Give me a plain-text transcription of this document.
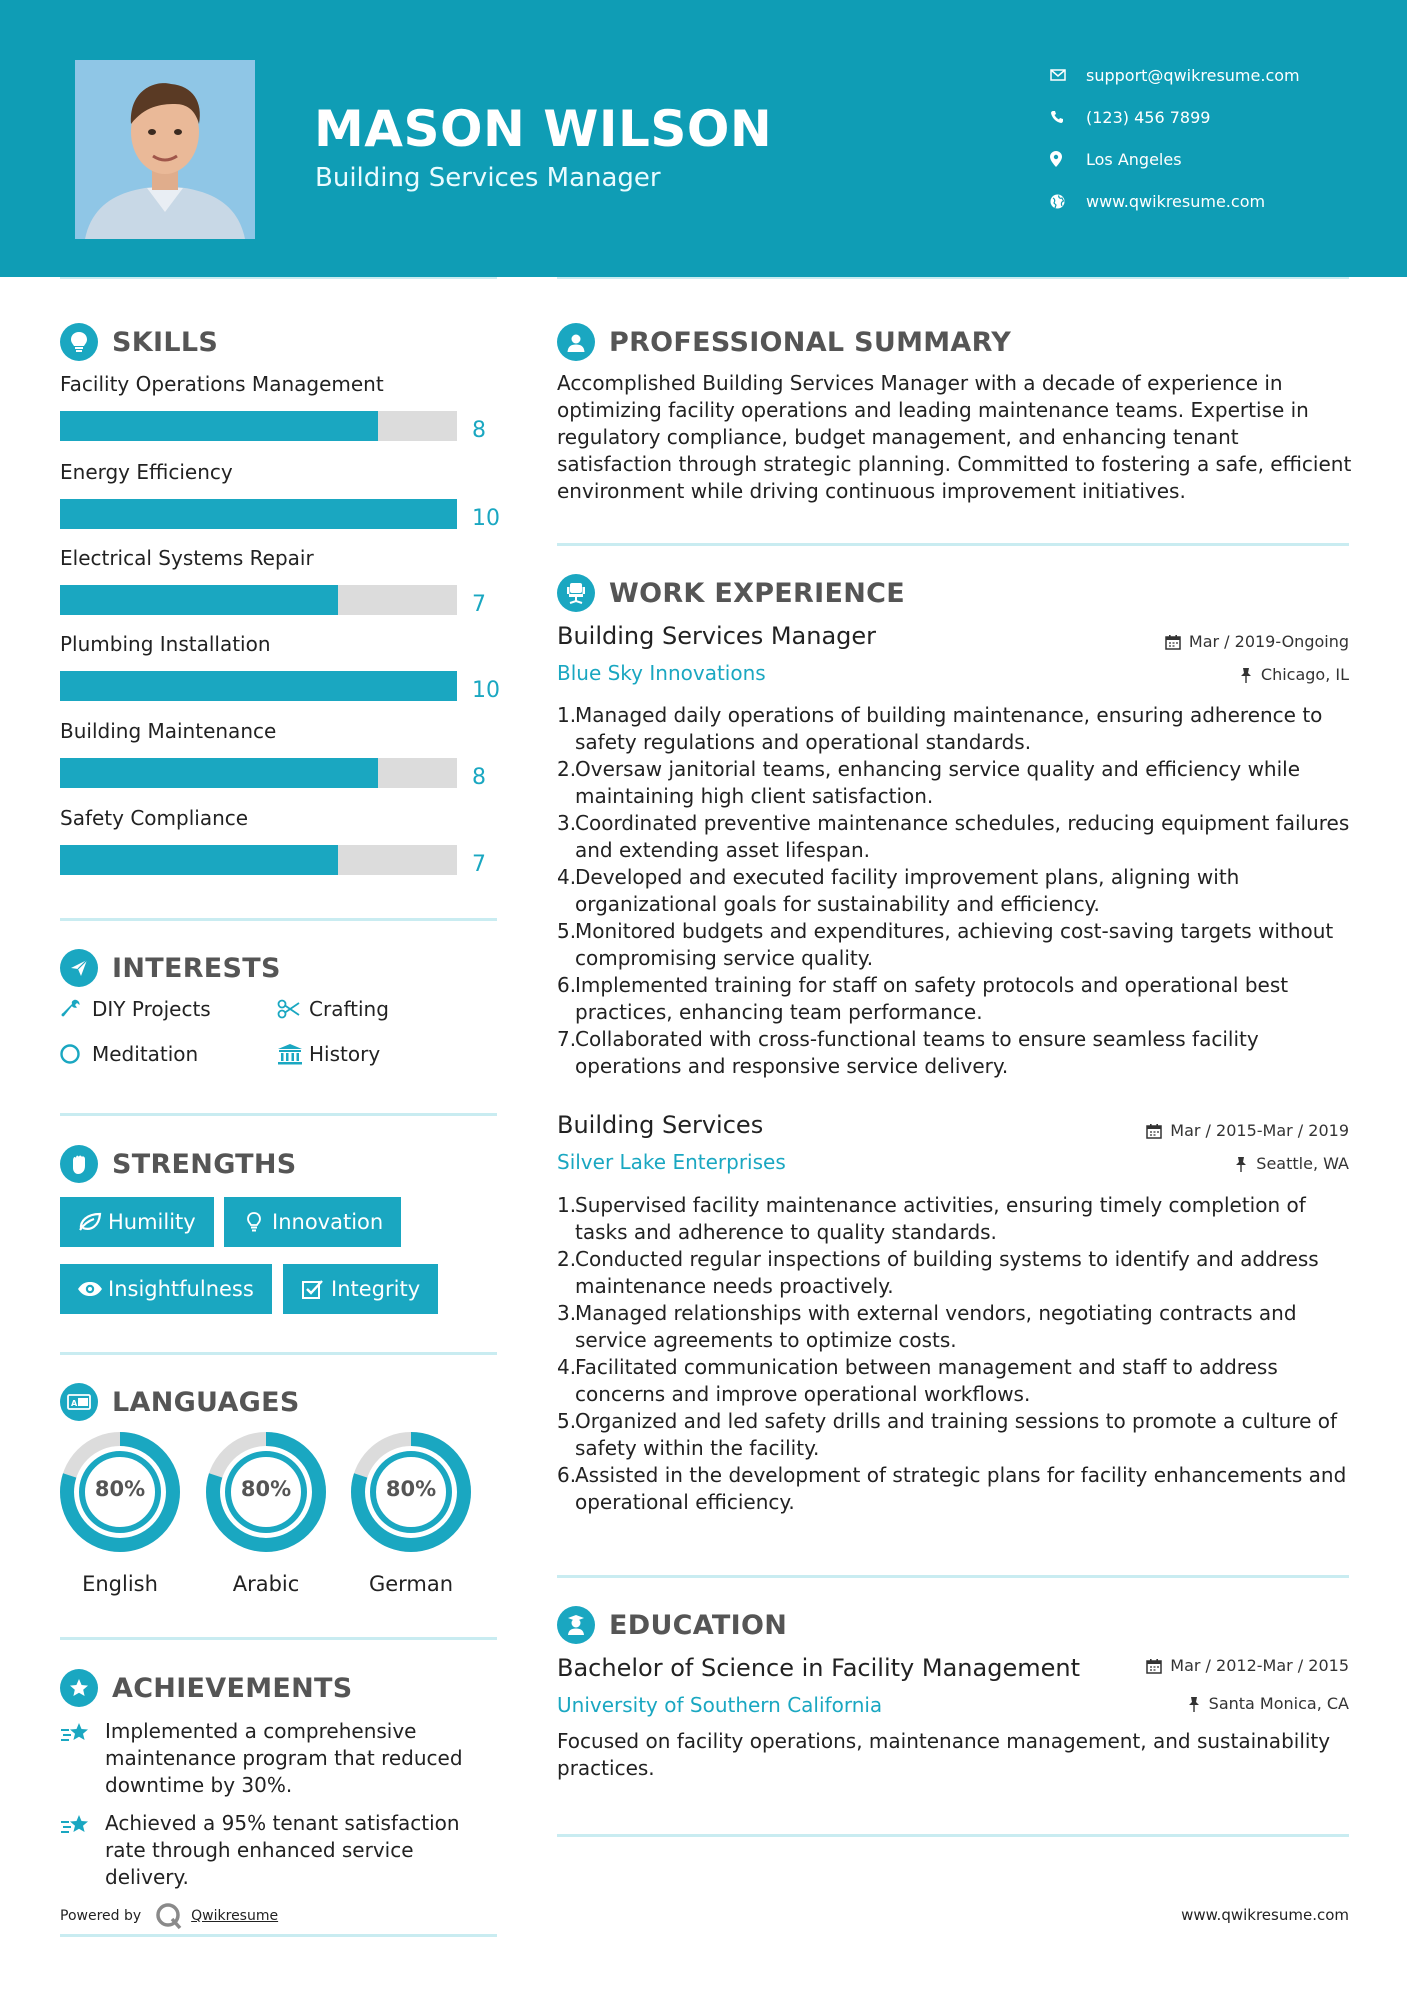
MASON WILSON
Building Services Manager
support@qwikresume.com
(123) 456 7899
Los Angeles
www.qwikresume.com
SKILLS
Facility Operations Management
8
Energy Efficiency
10
Electrical Systems Repair
7
Plumbing Installation
10
Building Maintenance
8
Safety Compliance
7
INTERESTS
DIY Projects	Crafting
Meditation	History
STRENGTHS
Humility	Innovation
Insightfulness	Integrity
A LANGUAGES
80%
English
80%
Arabic
80%
German
ACHIEVEMENTS
Implemented a comprehensive maintenance program that reduced downtime by 30%.
Achieved a 95% tenant satisfaction rate through enhanced service delivery.
Powered by	Qwikresume
PROFESSIONAL SUMMARY
Accomplished Building Services Manager with a decade of experience in optimizing facility operations and leading maintenance teams. Expertise in regulatory compliance, budget management, and enhancing tenant satisfaction through strategic planning. Committed to fostering a safe, efficient environment while driving continuous improvement initiatives.
WORK EXPERIENCE
Building Services Manager	Mar / 2019-Ongoing
Blue Sky Innovations	Chicago, IL
1.
Managed daily operations of building maintenance, ensuring adherence to safety regulations and operational standards.
2.
Oversaw janitorial teams, enhancing service quality and efficiency while maintaining high client satisfaction.
3.
Coordinated preventive maintenance schedules, reducing equipment failures and extending asset lifespan.
4.
Developed and executed facility improvement plans, aligning with organizational goals for sustainability and efficiency.
5.
Monitored budgets and expenditures, achieving cost-saving targets without compromising service quality.
6.
Implemented training for staff on safety protocols and operational best practices, enhancing team performance.
7.
Collaborated with cross-functional teams to ensure seamless facility operations and responsive service delivery.
Building Services	Mar / 2015-Mar / 2019
Silver Lake Enterprises	Seattle, WA
1.
Supervised facility maintenance activities, ensuring timely completion of tasks and adherence to quality standards.
2.
Conducted regular inspections of building systems to identify and address maintenance needs proactively.
3.
Managed relationships with external vendors, negotiating contracts and service agreements to optimize costs.
4.
Facilitated communication between management and staff to address concerns and improve operational workflows.
5.
Organized and led safety drills and training sessions to promote a culture of safety within the facility.
6.
Assisted in the development of strategic plans for facility enhancements and operational efficiency.
EDUCATION
Bachelor of Science in Facility Management	Mar / 2012-Mar / 2015
University of Southern California	Santa Monica, CA
Focused on facility operations, maintenance management, and sustainability practices.
www.qwikresume.com
